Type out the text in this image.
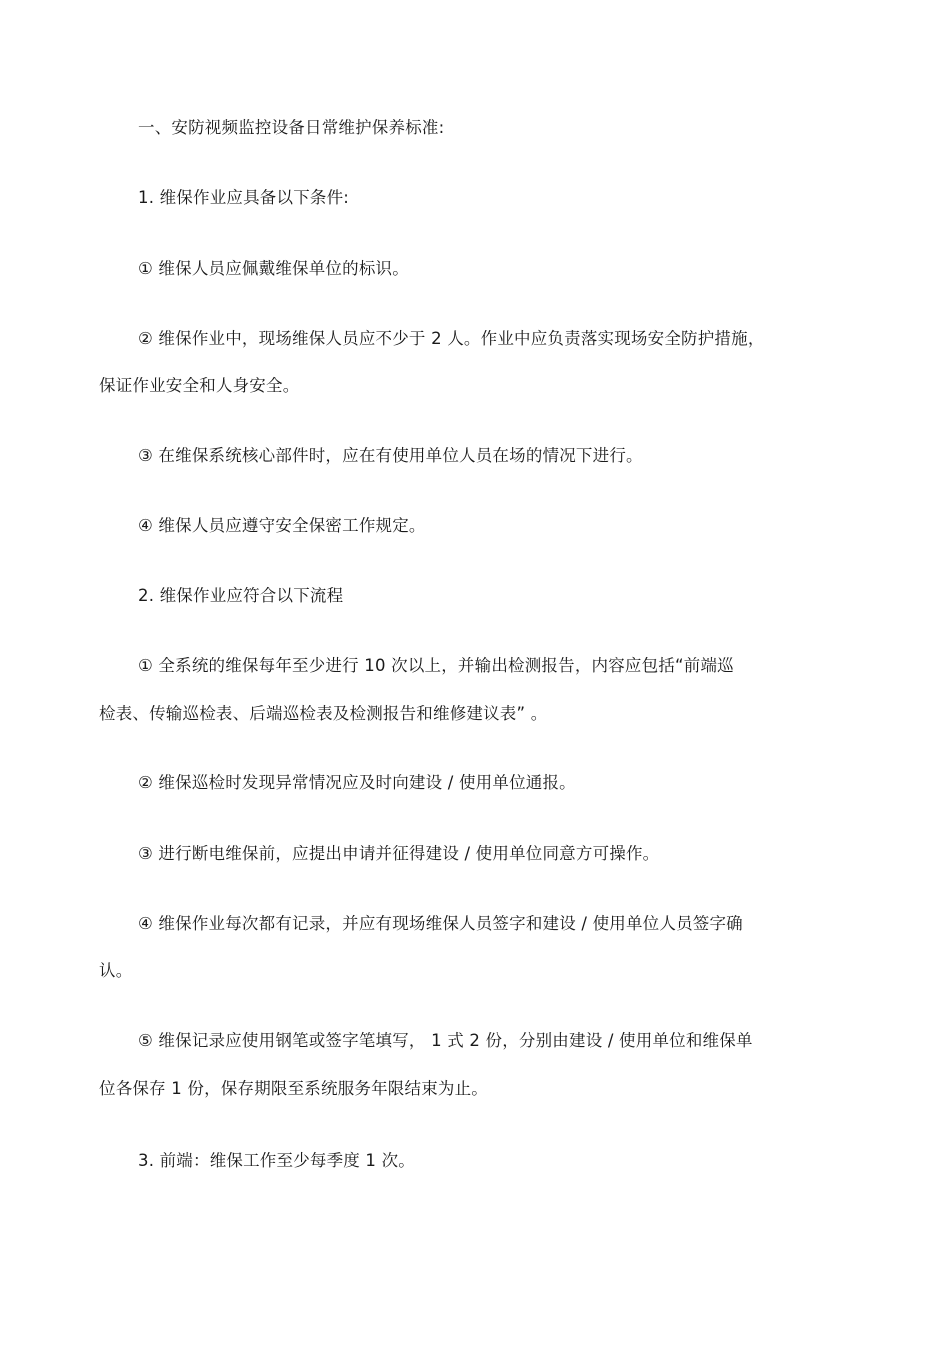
一、安防视频监控设备日常维护保养标准:
1. 维保作业应具备以下条件:
① 维保人员应佩戴维保单位的标识。
② 维保作业中，现场维保人员应不少于 2 人。作业中应负责落实现场安全防护措施，
保证作业安全和人身安全。
③ 在维保系统核心部件时，应在有使用单位人员在场的情况下进行。
④ 维保人员应遵守安全保密工作规定。
2. 维保作业应符合以下流程
① 全系统的维保每年至少进行 10 次以上，并输出检测报告，内容应包括“前端巡
检表、传输巡检表、后端巡检表及检测报告和维修建议表” 。
② 维保巡检时发现异常情况应及时向建设 / 使用单位通报。
③ 进行断电维保前，应提出申请并征得建设 / 使用单位同意方可操作。
④ 维保作业每次都有记录，并应有现场维保人员签字和建设 / 使用单位人员签字确
认。
⑤ 维保记录应使用钢笔或签字笔填写， 1 式 2 份，分别由建设 / 使用单位和维保单
位各保存 1 份，保存期限至系统服务年限结束为止。
3. 前端：维保工作至少每季度 1 次。
